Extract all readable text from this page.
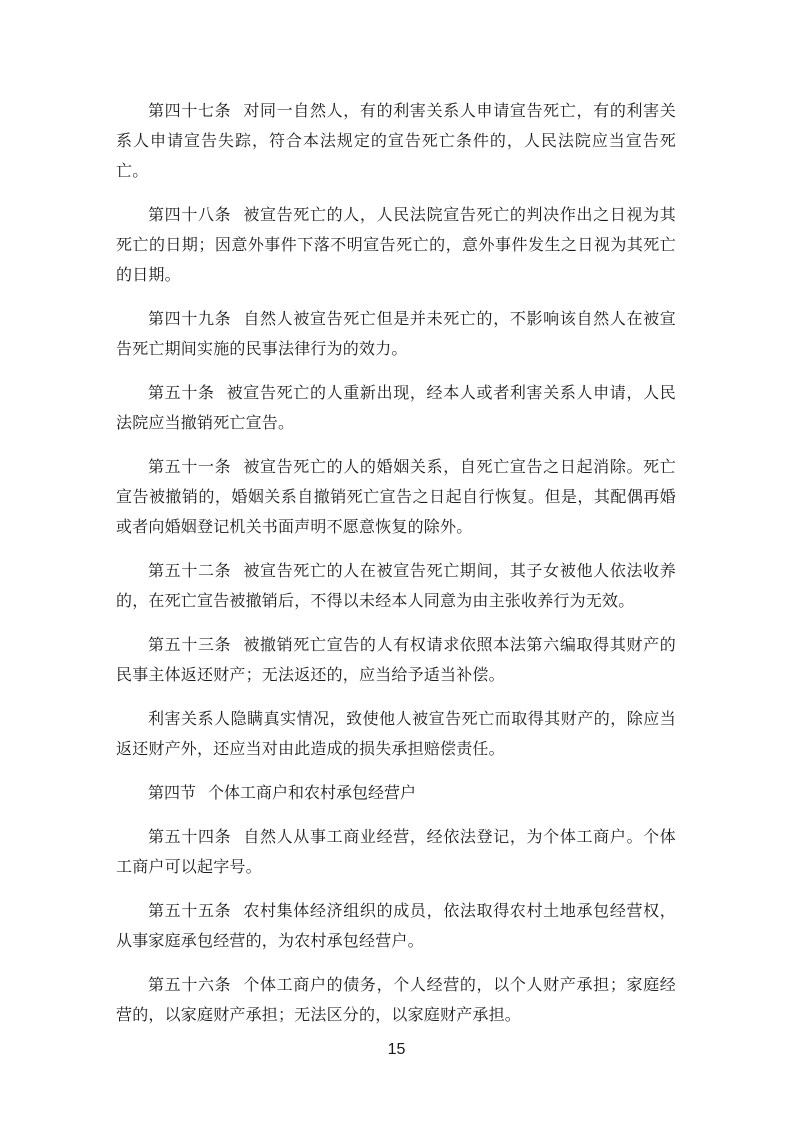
第四十七条 对同一自然人，有的利害关系人申请宣告死亡，有的利害关系人申请宣告失踪，符合本法规定的宣告死亡条件的，人民法院应当宣告死亡。

第四十八条 被宣告死亡的人，人民法院宣告死亡的判决作出之日视为其死亡的日期；因意外事件下落不明宣告死亡的，意外事件发生之日视为其死亡的日期。

第四十九条 自然人被宣告死亡但是并未死亡的，不影响该自然人在被宣告死亡期间实施的民事法律行为的效力。

第五十条 被宣告死亡的人重新出现，经本人或者利害关系人申请，人民法院应当撤销死亡宣告。

第五十一条 被宣告死亡的人的婚姻关系，自死亡宣告之日起消除。死亡宣告被撤销的，婚姻关系自撤销死亡宣告之日起自行恢复。但是，其配偶再婚或者向婚姻登记机关书面声明不愿意恢复的除外。

第五十二条 被宣告死亡的人在被宣告死亡期间，其子女被他人依法收养的，在死亡宣告被撤销后，不得以未经本人同意为由主张收养行为无效。

第五十三条 被撤销死亡宣告的人有权请求依照本法第六编取得其财产的民事主体返还财产；无法返还的，应当给予适当补偿。

利害关系人隐瞒真实情况，致使他人被宣告死亡而取得其财产的，除应当返还财产外，还应当对由此造成的损失承担赔偿责任。

第四节 个体工商户和农村承包经营户

第五十四条 自然人从事工商业经营，经依法登记，为个体工商户。个体工商户可以起字号。

第五十五条 农村集体经济组织的成员，依法取得农村土地承包经营权，从事家庭承包经营的，为农村承包经营户。

第五十六条 个体工商户的债务，个人经营的，以个人财产承担；家庭经营的，以家庭财产承担；无法区分的，以家庭财产承担。

15
